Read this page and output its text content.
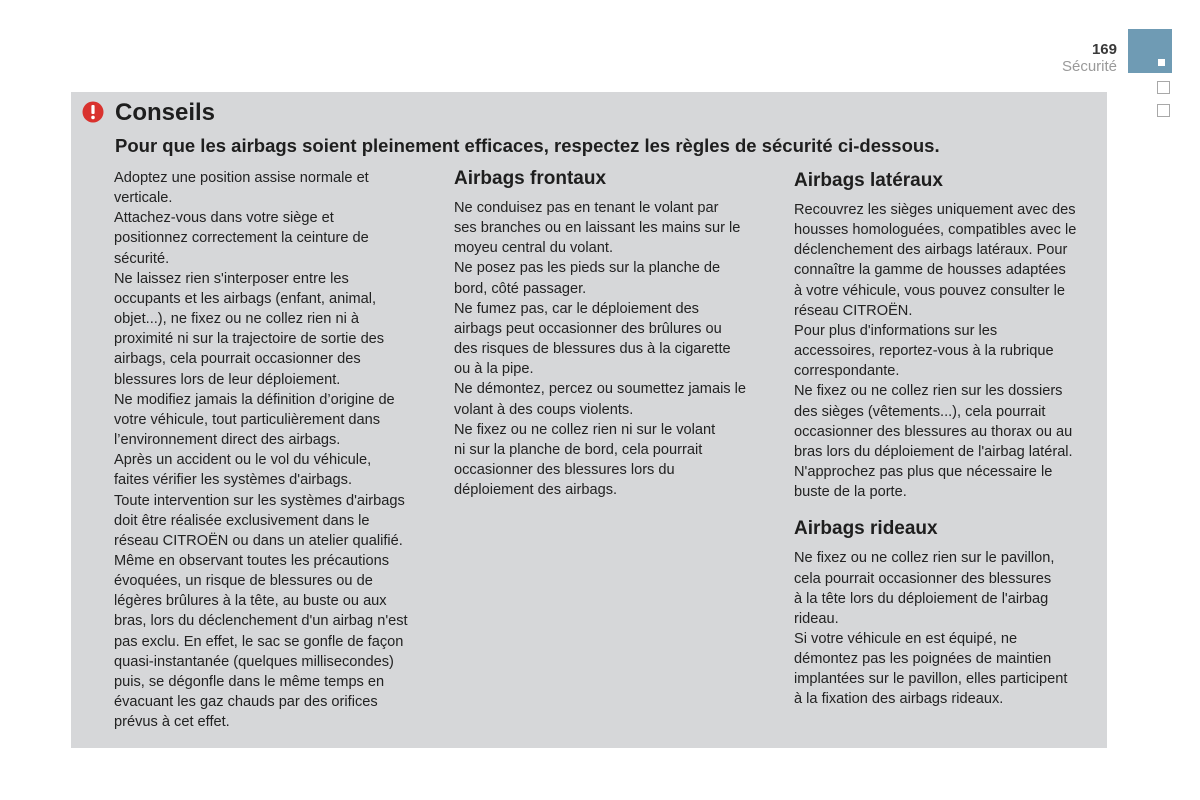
169
Sécurité
Conseils
Pour que les airbags soient pleinement efficaces, respectez les règles de sécurité ci-dessous.

Adoptez une position assise normale et

verticale.

Attachez-vous dans votre siège et

positionnez correctement la ceinture de

sécurité.

Ne laissez rien s'interposer entre les

occupants et les airbags (enfant, animal,

objet...), ne fixez ou ne collez rien ni à

proximité ni sur la trajectoire de sortie des

airbags, cela pourrait occasionner des

blessures lors de leur déploiement.

Ne modifiez jamais la définition d’origine de

votre véhicule, tout particulièrement dans

l’environnement direct des airbags.

Après un accident ou le vol du véhicule,

faites vérifier les systèmes d'airbags.

Toute intervention sur les systèmes d'airbags

doit être réalisée exclusivement dans le

réseau CITROËN ou dans un atelier qualifié.

Même en observant toutes les précautions

évoquées, un risque de blessures ou de

légères brûlures à la tête, au buste ou aux

bras, lors du déclenchement d'un airbag n'est

pas exclu. En effet, le sac se gonfle de façon

quasi-instantanée (quelques millisecondes)

puis, se dégonfle dans le même temps en

évacuant les gaz chauds par des orifices

prévus à cet effet.

Airbags frontaux

Ne conduisez pas en tenant le volant par

ses branches ou en laissant les mains sur le

moyeu central du volant.

Ne posez pas les pieds sur la planche de

bord, côté passager.

Ne fumez pas, car le déploiement des

airbags peut occasionner des brûlures ou

des risques de blessures dus à la cigarette

ou à la pipe.

Ne démontez, percez ou soumettez jamais le

volant à des coups violents.

Ne fixez ou ne collez rien ni sur le volant

ni sur la planche de bord, cela pourrait

occasionner des blessures lors du

déploiement des airbags.

Airbags latéraux

Recouvrez les sièges uniquement avec des

housses homologuées, compatibles avec le

déclenchement des airbags latéraux. Pour

connaître la gamme de housses adaptées

à votre véhicule, vous pouvez consulter le

réseau CITROËN.

Pour plus d'informations sur les

accessoires, reportez-vous à la rubrique

correspondante.

Ne fixez ou ne collez rien sur les dossiers

des sièges (vêtements...), cela pourrait

occasionner des blessures au thorax ou au

bras lors du déploiement de l'airbag latéral.

N'approchez pas plus que nécessaire le

buste de la porte.

Airbags rideaux

Ne fixez ou ne collez rien sur le pavillon,

cela pourrait occasionner des blessures

à la tête lors du déploiement de l'airbag

rideau.

Si votre véhicule en est équipé, ne

démontez pas les poignées de maintien

implantées sur le pavillon, elles participent

à la fixation des airbags rideaux.
